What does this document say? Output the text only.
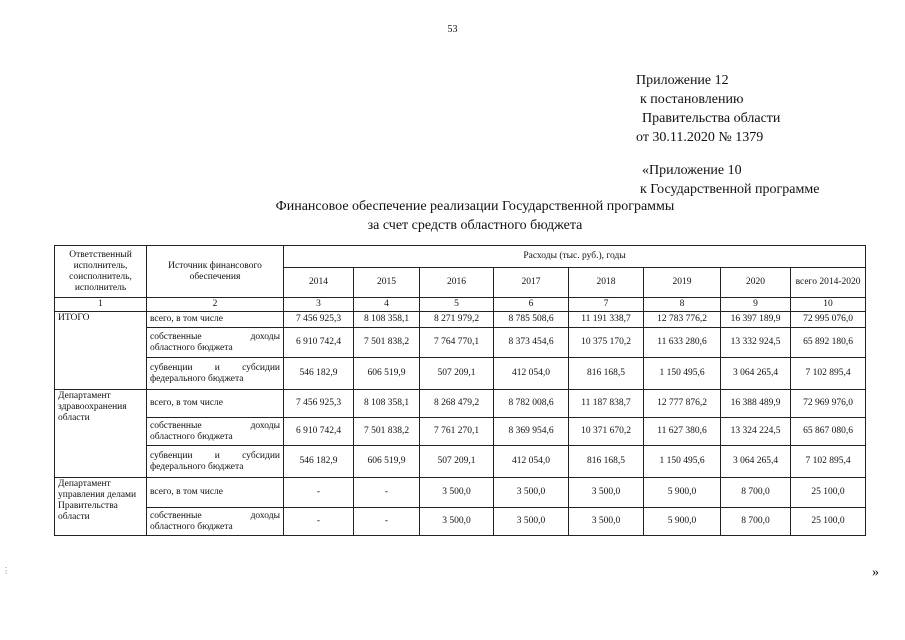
53
Приложение 12
к постановлению
Правительства области
от 30.11.2020 № 1379
«Приложение 10
к Государственной программе
Финансовое обеспечение реализации Государственной программы
за счет средств областного бюджета
Ответственный исполнитель, соисполнитель, исполнитель	Источник финансового обеспечения	Расходы (тыс. руб.), годы							
		2014	2015	2016	2017	2018	2019	2020	всего 2014-2020
1	2	3	4	5	6	7	8	9	10
ИТОГО	всего, в том числе	7 456 925,3	8 108 358,1	8 271 979,2	8 785 508,6	11 191 338,7	12 783 776,2	16 397 189,9	72 995 076,0
	собственные доходы областного бюджета	6 910 742,4	7 501 838,2	7 764 770,1	8 373 454,6	10 375 170,2	11 633 280,6	13 332 924,5	65 892 180,6
	субвенции и субсидии федерального бюджета	546 182,9	606 519,9	507 209,1	412 054,0	816 168,5	1 150 495,6	3 064 265,4	7 102 895,4
Департамент здравоохранения области	всего, в том числе	7 456 925,3	8 108 358,1	8 268 479,2	8 782 008,6	11 187 838,7	12 777 876,2	16 388 489,9	72 969 976,0
	собственные доходы областного бюджета	6 910 742,4	7 501 838,2	7 761 270,1	8 369 954,6	10 371 670,2	11 627 380,6	13 324 224,5	65 867 080,6
	субвенции и субсидии федерального бюджета	546 182,9	606 519,9	507 209,1	412 054,0	816 168,5	1 150 495,6	3 064 265,4	7 102 895,4
Департамент управления делами Правительства области	всего, в том числе	-	-	3 500,0	3 500,0	3 500,0	5 900,0	8 700,0	25 100,0
	собственные доходы областного бюджета	-	-	3 500,0	3 500,0	3 500,0	5 900,0	8 700,0	25 100,0
»
⋮
